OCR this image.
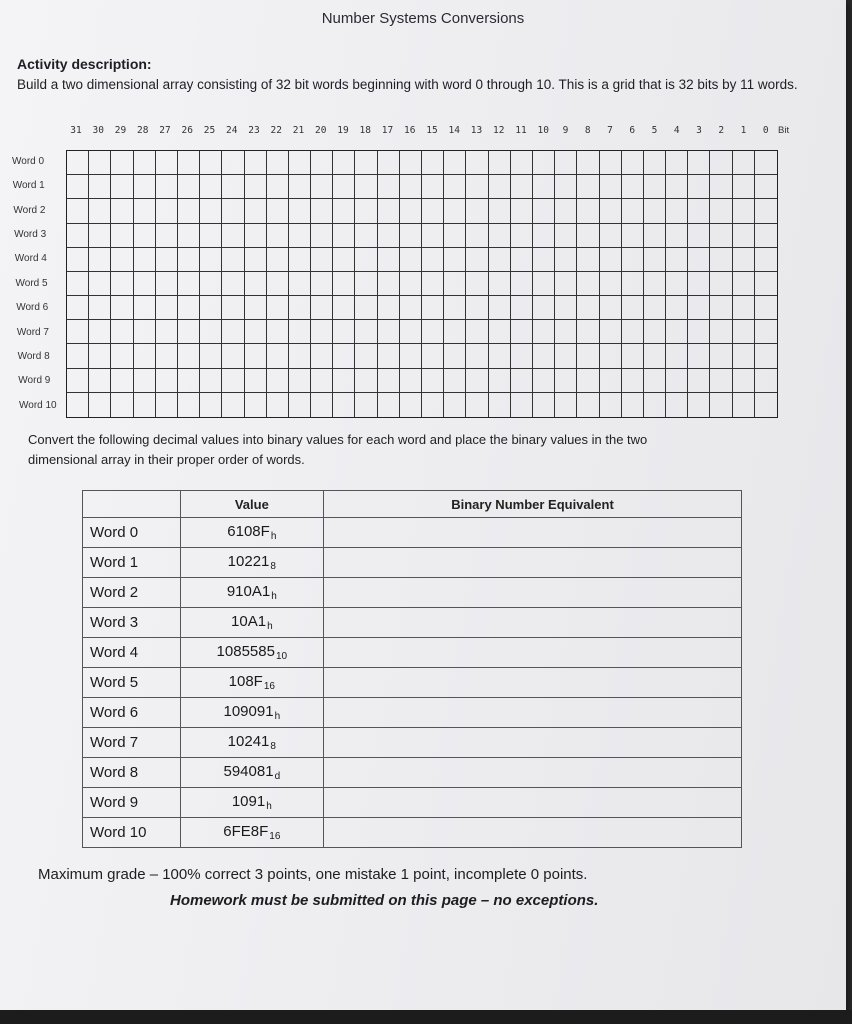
Number Systems Conversions
Activity description:
Build a two dimensional array consisting of 32 bit words beginning with word 0 through 10. This is a grid that is 32 bits by 11 words.
Bit
31	30	29	28	27	26	25	24	23	22	21	20	19	18	17	16	15	14	13	12	11	10	9	8	7	6	5	4	3	2	1	0
Word 0
Word 1
Word 2
Word 3
Word 4
Word 5
Word 6
Word 7
Word 8
Word 9
Word 10
Convert the following decimal values into binary values for each word and place the binary values in the two dimensional array in their proper order of words.
	Value	Binary Number Equivalent
Word 0	$6108F_h$	
Word 1	$10221_8$	
Word 2	$910A1_h$	
Word 3	$10A1_h$	
Word 4	$1085585_{10}$	
Word 5	$108F_{16}$	
Word 6	$109091_h$	
Word 7	$10241_8$	
Word 8	$594081_d$	
Word 9	$1091_h$	
Word 10	$6FE8F_{16}$	
Maximum grade – 100% correct 3 points, one mistake 1 point, incomplete 0 points.
Homework must be submitted on this page – no exceptions.
